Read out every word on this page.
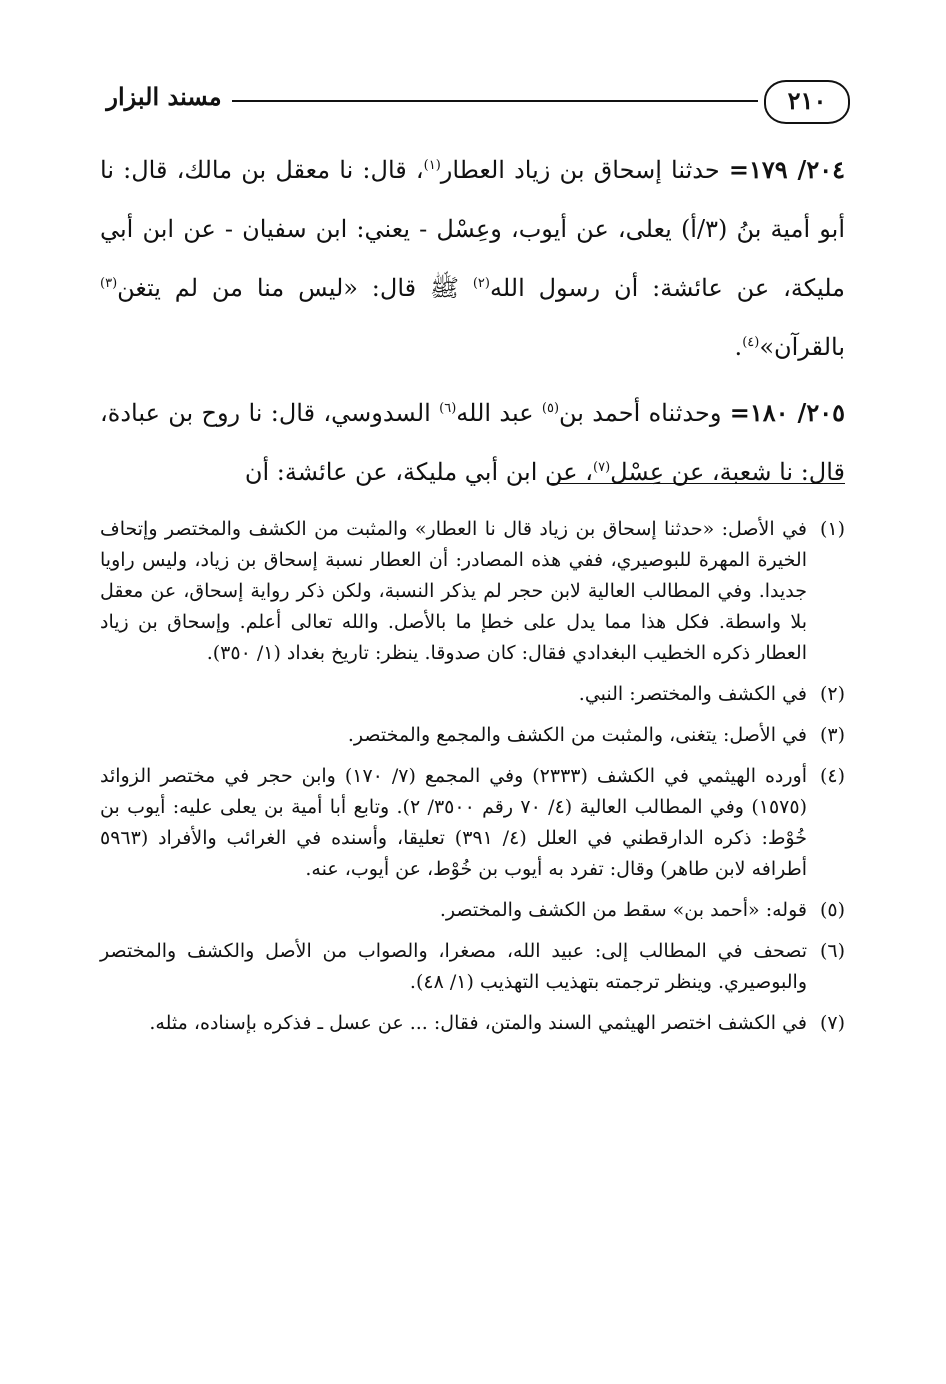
٢١٠
مسند البزار

٢٠٤/ ١٧٩= حدثنا إسحاق بن زياد العطار$^{(١)}$، قال: نا معقل بن مالك، قال: نا أبو أمية بنُ (٣/أ) يعلى، عن أيوب، وعِسْل - يعني: ابن سفيان - عن ابن أبي مليكة، عن عائشة: أن رسول الله$^{(٢)}$ ﷺ قال: «ليس منا من لم يتغن$^{(٣)}$ بالقرآن»$^{(٤)}$.

٢٠٥/ ١٨٠= وحدثناه أحمد بن$^{(٥)}$ عبد الله$^{(٦)}$ السدوسي، قال: نا روح بن عبادة، قال: نا شعبة، عن عِسْل$^{(٧)}$، عن ابن أبي مليكة، عن عائشة: أن

(١)
في الأصل: «حدثنا إسحاق بن زياد قال نا العطار» والمثبت من الكشف والمختصر وإتحاف الخيرة المهرة للبوصيري، ففي هذه المصادر: أن العطار نسبة إسحاق بن زياد، وليس راويا جديدا. وفي المطالب العالية لابن حجر لم يذكر النسبة، ولكن ذكر رواية إسحاق، عن معقل بلا واسطة. فكل هذا مما يدل على خطإ ما بالأصل. والله تعالى أعلم. وإسحاق بن زياد العطار ذكره الخطيب البغدادي فقال: كان صدوقا. ينظر: تاريخ بغداد (١/ ٣٥٠).
(٢)
في الكشف والمختصر: النبي.
(٣)
في الأصل: يتغنى، والمثبت من الكشف والمجمع والمختصر.
(٤)
أورده الهيثمي في الكشف (٢٣٣٣) وفي المجمع (٧/ ١٧٠) وابن حجر في مختصر الزوائد (١٥٧٥) وفي المطالب العالية (٤/ ٧٠ رقم ٣٥٠٠/ ٢). وتابع أبا أمية بن يعلى عليه: أيوب بن خُوْط: ذكره الدارقطني في العلل (٤/ ٣٩١) تعليقا، وأسنده في الغرائب والأفراد (٥٩٦٣ أطرافه لابن طاهر) وقال: تفرد به أيوب بن خُوْط، عن أيوب، عنه.
(٥)
قوله: «أحمد بن» سقط من الكشف والمختصر.
(٦)
تصحف في المطالب إلى: عبيد الله، مصغرا، والصواب من الأصل والكشف والمختصر والبوصيري. وينظر ترجمته بتهذيب التهذيب (١/ ٤٨).
(٧)
في الكشف اختصر الهيثمي السند والمتن، فقال: ... عن عسل ـ فذكره بإسناده، مثله.
